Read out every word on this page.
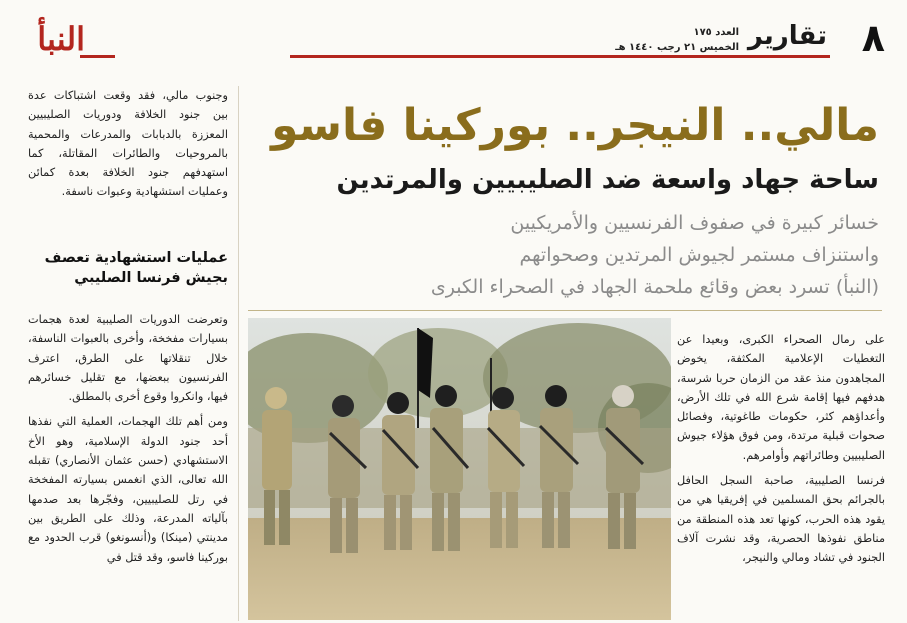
٨
تقارير
العدد ١٧٥
الخميس ٢١ رجب ١٤٤٠ هـ
النبأ
مالي.. النيجر.. بوركينا فاسو
ساحة جهاد واسعة ضد الصليبيين والمرتدين
خسائر كبيرة في صفوف الفرنسيين والأمريكيين
واستنزاف مستمر لجيوش المرتدين وصحواتهم
(النبأ) تسرد بعض وقائع ملحمة الجهاد في الصحراء الكبرى
وجنوب مالي، فقد وقعت اشتباكات عدة بين جنود الخلافة ودوريات الصليبيين المعززة بالدبابات والمدرعات والمحمية بالمروحيات والطائرات المقاتلة، كما استهدفهم جنود الخلافة بعدة كمائن وعمليات استشهادية وعبوات ناسفة.
عمليات استشهادية تعصف
بجيش فرنسا الصليبي

وتعرضت الدوريات الصليبية لعدة هجمات بسيارات مفخخة، وأخرى بالعبوات الناسفة، خلال تنقلاتها على الطرق، اعترف الفرنسيون ببعضها، مع تقليل خسائرهم فيها، وانكروا وقوع أخرى بالمطلق.

ومن أهم تلك الهجمات، العملية التي نفذها أحد جنود الدولة الإسلامية، وهو الأخ الاستشهادي (حسن عثمان الأنصاري) تقبله الله تعالى، الذي انغمس بسيارته المفخخة في رتل للصليبيين، وفجّرها بعد صدمها بآلياته المدرعة، وذلك على الطريق بين مدينتي (مينكا) و(أنسونغو) قرب الحدود مع بوركينا فاسو، وقد قتل في

على رمال الصحراء الكبرى، وبعيدا عن التغطيات الإعلامية المكثفة، يخوض المجاهدون منذ عقد من الزمان حربا شرسة، هدفهم فيها إقامة شرع الله في تلك الأرض، وأعداؤهم كثر، حكومات طاغوتية، وفصائل صحوات قبلية مرتدة، ومن فوق هؤلاء جيوش الصليبيين وطائراتهم وأوامرهم.

فرنسا الصليبية، صاحبة السجل الحافل بالجرائم بحق المسلمين في إفريقيا هي من يقود هذه الحرب، كونها تعد هذه المنطقة من مناطق نفوذها الحصرية، وقد نشرت آلاف الجنود في تشاد ومالي والنيجر،
